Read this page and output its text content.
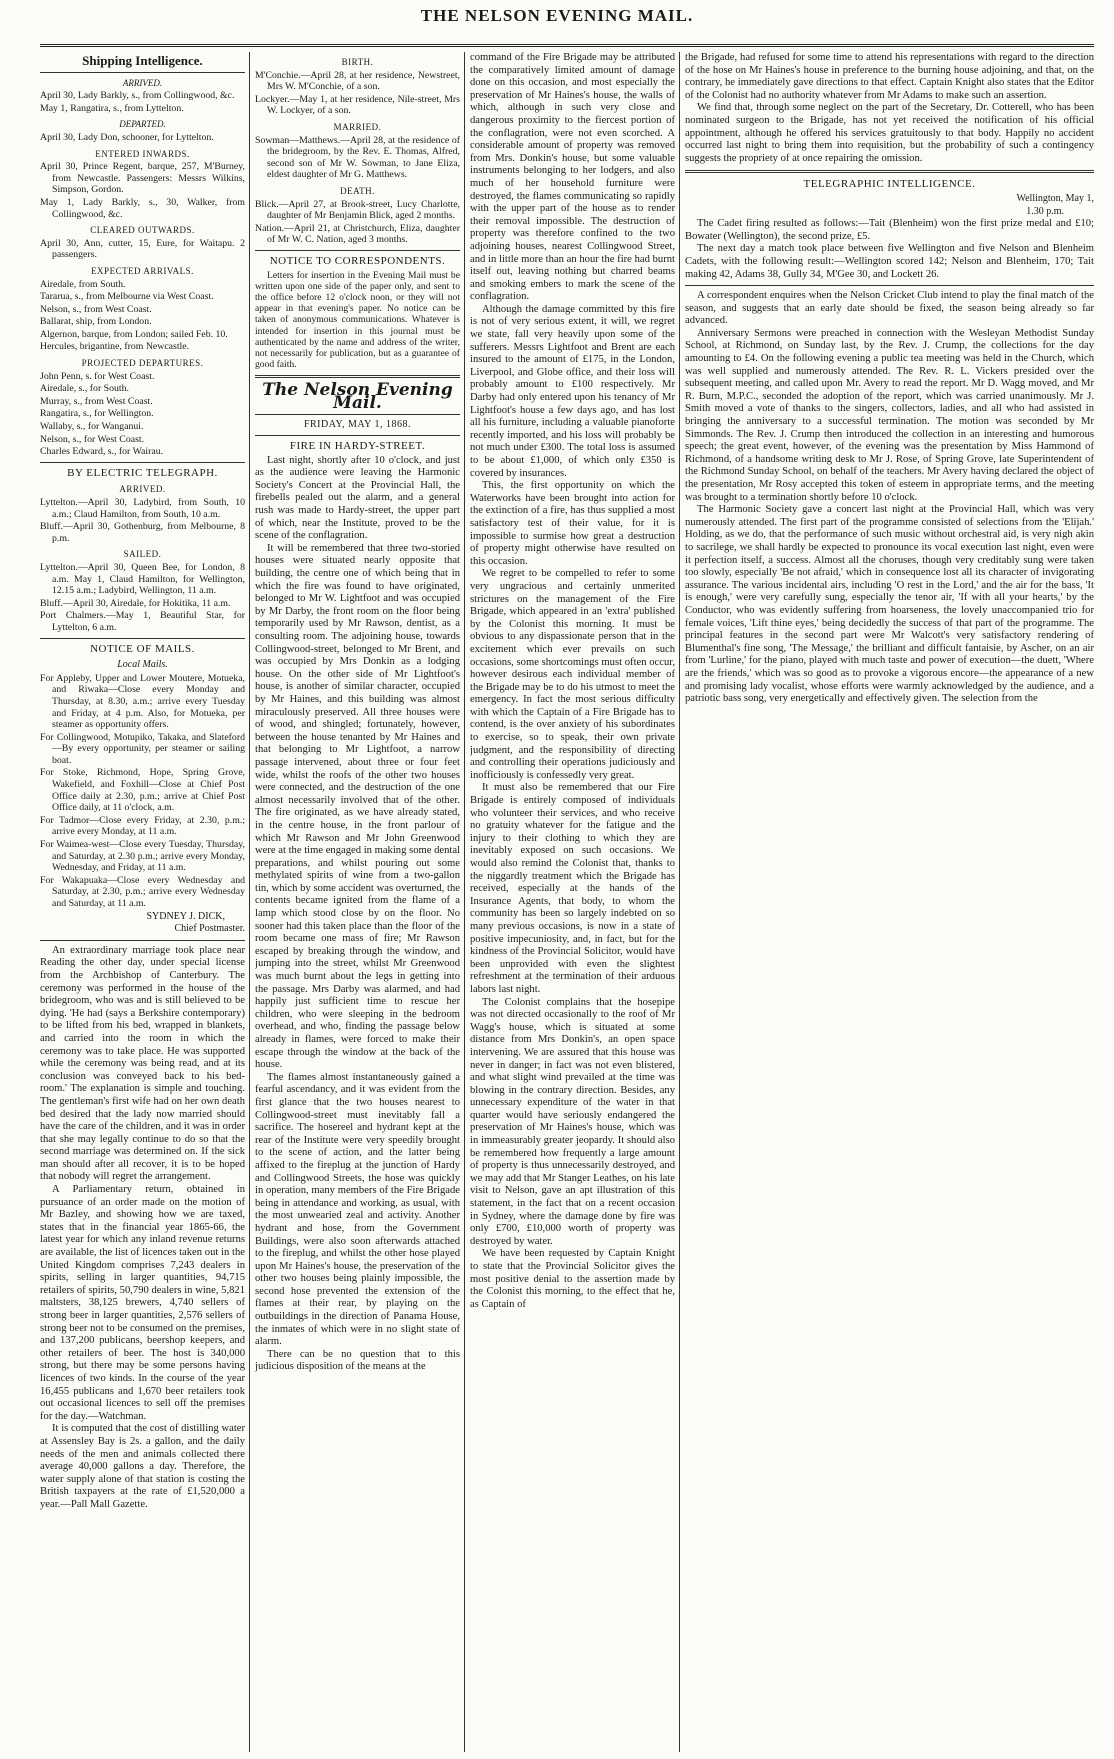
THE NELSON EVENING MAIL.
Shipping Intelligence.
ARRIVED.
April 30, Lady Barkly, s., from Collingwood, &c.
May 1, Rangatira, s., from Lyttelton.
DEPARTED.
April 30, Lady Don, schooner, for Lyttelton.
ENTERED INWARDS.
April 30, Prince Regent, barque, 257, M'Burney, from Newcastle. Passengers: Messrs Wilkins, Simpson, Gordon.
May 1, Lady Barkly, s., 30, Walker, from Collingwood, &c.
CLEARED OUTWARDS.
April 30, Ann, cutter, 15, Eure, for Waitapu. 2 passengers.
EXPECTED ARRIVALS.
Airedale, from South.
Tararua, s., from Melbourne via West Coast.
Nelson, s., from West Coast.
Ballarat, ship, from London.
Algernon, barque, from London; sailed Feb. 10.
Hercules, brigantine, from Newcastle.
PROJECTED DEPARTURES.
John Penn, s. for West Coast.
Airedale, s., for South.
Murray, s., from West Coast.
Rangatira, s., for Wellington.
Wallaby, s., for Wanganui.
Nelson, s., for West Coast.
Charles Edward, s., for Wairau.
BY ELECTRIC TELEGRAPH.
ARRIVED.
Lyttelton.—April 30, Ladybird, from South, 10 a.m.; Claud Hamilton, from South, 10 a.m.
Bluff.—April 30, Gothenburg, from Melbourne, 8 p.m.
SAILED.
Lyttelton.—April 30, Queen Bee, for London, 8 a.m. May 1, Claud Hamilton, for Wellington, 12.15 a.m.; Ladybird, Wellington, 11 a.m.
Bluff.—April 30, Airedale, for Hokitika, 11 a.m.
Port Chalmers.—May 1, Beautiful Star, for Lyttelton, 6 a.m.
NOTICE OF MAILS.
Local Mails.
For Appleby, Upper and Lower Moutere, Motueka, and Riwaka—Close every Monday and Thursday, at 8.30, a.m.; arrive every Tuesday and Friday, at 4 p.m. Also, for Motueka, per steamer as opportunity offers.
For Collingwood, Motupiko, Takaka, and Slateford—By every opportunity, per steamer or sailing boat.
For Stoke, Richmond, Hope, Spring Grove, Wakefield, and Foxhill—Close at Chief Post Office daily at 2.30, p.m.; arrive at Chief Post Office daily, at 11 o'clock, a.m.
For Tadmor—Close every Friday, at 2.30, p.m.; arrive every Monday, at 11 a.m.
For Waimea-west—Close every Tuesday, Thursday, and Saturday, at 2.30 p.m.; arrive every Monday, Wednesday, and Friday, at 11 a.m.
For Wakapuaka—Close every Wednesday and Saturday, at 2.30, p.m.; arrive every Wednesday and Saturday, at 11 a.m.
SYDNEY J. DICK,
Chief Postmaster.

An extraordinary marriage took place near Reading the other day, under special license from the Archbishop of Canterbury. The ceremony was performed in the house of the bridegroom, who was and is still believed to be dying. 'He had (says a Berkshire contemporary) to be lifted from his bed, wrapped in blankets, and carried into the room in which the ceremony was to take place. He was supported while the ceremony was being read, and at its conclusion was conveyed back to his bed-room.' The explanation is simple and touching. The gentleman's first wife had on her own death bed desired that the lady now married should have the care of the children, and it was in order that she may legally continue to do so that the second marriage was determined on. If the sick man should after all recover, it is to be hoped that nobody will regret the arrangement.

A Parliamentary return, obtained in pursuance of an order made on the motion of Mr Bazley, and showing how we are taxed, states that in the financial year 1865-66, the latest year for which any inland revenue returns are available, the list of licences taken out in the United Kingdom comprises 7,243 dealers in spirits, selling in larger quantities, 94,715 retailers of spirits, 50,790 dealers in wine, 5,821 maltsters, 38,125 brewers, 4,740 sellers of strong beer in larger quantities, 2,576 sellers of strong beer not to be consumed on the premises, and 137,200 publicans, beershop keepers, and other retailers of beer. The host is 340,000 strong, but there may be some persons having licences of two kinds. In the course of the year 16,455 publicans and 1,670 beer retailers took out occasional licences to sell off the premises for the day.—Watchman.

It is computed that the cost of distilling water at Assensley Bay is 2s. a gallon, and the daily needs of the men and animals collected there average 40,000 gallons a day. Therefore, the water supply alone of that station is costing the British taxpayers at the rate of £1,520,000 a year.—Pall Mall Gazette.

BIRTH.
M'Conchie.—April 28, at her residence, Newstreet, Mrs W. M'Conchie, of a son.
Lockyer.—May 1, at her residence, Nile-street, Mrs W. Lockyer, of a son.
MARRIED.
Sowman—Matthews.—April 28, at the residence of the bridegroom, by the Rev. E. Thomas, Alfred, second son of Mr W. Sowman, to Jane Eliza, eldest daughter of Mr G. Matthews.
DEATH.
Blick.—April 27, at Brook-street, Lucy Charlotte, daughter of Mr Benjamin Blick, aged 2 months.
Nation.—April 21, at Christchurch, Eliza, daughter of Mr W. C. Nation, aged 3 months.
NOTICE TO CORRESPONDENTS.

Letters for insertion in the Evening Mail must be written upon one side of the paper only, and sent to the office before 12 o'clock noon, or they will not appear in that evening's paper. No notice can be taken of anonymous communications. Whatever is intended for insertion in this journal must be authenticated by the name and address of the writer, not necessarily for publication, but as a guarantee of good faith.

The Nelson Evening Mail.
FRIDAY, MAY 1, 1868.
FIRE IN HARDY-STREET.

Last night, shortly after 10 o'clock, and just as the audience were leaving the Harmonic Society's Concert at the Provincial Hall, the firebells pealed out the alarm, and a general rush was made to Hardy-street, the upper part of which, near the Institute, proved to be the scene of the conflagration.

It will be remembered that three two-storied houses were situated nearly opposite that building, the centre one of which being that in which the fire was found to have originated, belonged to Mr W. Lightfoot and was occupied by Mr Darby, the front room on the floor being temporarily used by Mr Rawson, dentist, as a consulting room. The adjoining house, towards Collingwood-street, belonged to Mr Brent, and was occupied by Mrs Donkin as a lodging house. On the other side of Mr Lightfoot's house, is another of similar character, occupied by Mr Haines, and this building was almost miraculously preserved. All three houses were of wood, and shingled; fortunately, however, between the house tenanted by Mr Haines and that belonging to Mr Lightfoot, a narrow passage intervened, about three or four feet wide, whilst the roofs of the other two houses were connected, and the destruction of the one almost necessarily involved that of the other. The fire originated, as we have already stated, in the centre house, in the front parlour of which Mr Rawson and Mr John Greenwood were at the time engaged in making some dental preparations, and whilst pouring out some methylated spirits of wine from a two-gallon tin, which by some accident was overturned, the contents became ignited from the flame of a lamp which stood close by on the floor. No sooner had this taken place than the floor of the room became one mass of fire; Mr Rawson escaped by breaking through the window, and jumping into the street, whilst Mr Greenwood was much burnt about the legs in getting into the passage. Mrs Darby was alarmed, and had happily just sufficient time to rescue her children, who were sleeping in the bedroom overhead, and who, finding the passage below already in flames, were forced to make their escape through the window at the back of the house.

The flames almost instantaneously gained a fearful ascendancy, and it was evident from the first glance that the two houses nearest to Collingwood-street must inevitably fall a sacrifice. The hosereel and hydrant kept at the rear of the Institute were very speedily brought to the scene of action, and the latter being affixed to the fireplug at the junction of Hardy and Collingwood Streets, the hose was quickly in operation, many members of the Fire Brigade being in attendance and working, as usual, with the most unwearied zeal and activity. Another hydrant and hose, from the Government Buildings, were also soon afterwards attached to the fireplug, and whilst the other hose played upon Mr Haines's house, the preservation of the other two houses being plainly impossible, the second hose prevented the extension of the flames at their rear, by playing on the outbuildings in the direction of Panama House, the inmates of which were in no slight state of alarm.

There can be no question that to this judicious disposition of the means at the

command of the Fire Brigade may be attributed the comparatively limited amount of damage done on this occasion, and most especially the preservation of Mr Haines's house, the walls of which, although in such very close and dangerous proximity to the fiercest portion of the conflagration, were not even scorched. A considerable amount of property was removed from Mrs. Donkin's house, but some valuable instruments belonging to her lodgers, and also much of her household furniture were destroyed, the flames communicating so rapidly with the upper part of the house as to render their removal impossible. The destruction of property was therefore confined to the two adjoining houses, nearest Collingwood Street, and in little more than an hour the fire had burnt itself out, leaving nothing but charred beams and smoking embers to mark the scene of the conflagration.

Although the damage committed by this fire is not of very serious extent, it will, we regret we state, fall very heavily upon some of the sufferers. Messrs Lightfoot and Brent are each insured to the amount of £175, in the London, Liverpool, and Globe office, and their loss will probably amount to £100 respectively. Mr Darby had only entered upon his tenancy of Mr Lightfoot's house a few days ago, and has lost all his furniture, including a valuable pianoforte recently imported, and his loss will probably be not much under £300. The total loss is assumed to be about £1,000, of which only £350 is covered by insurances.

This, the first opportunity on which the Waterworks have been brought into action for the extinction of a fire, has thus supplied a most satisfactory test of their value, for it is impossible to surmise how great a destruction of property might otherwise have resulted on this occasion.

We regret to be compelled to refer to some very ungracious and certainly unmerited strictures on the management of the Fire Brigade, which appeared in an 'extra' published by the Colonist this morning. It must be obvious to any dispassionate person that in the excitement which ever prevails on such occasions, some shortcomings must often occur, however desirous each individual member of the Brigade may be to do his utmost to meet the emergency. In fact the most serious difficulty with which the Captain of a Fire Brigade has to contend, is the over anxiety of his subordinates to exercise, so to speak, their own private judgment, and the responsibility of directing and controlling their operations judiciously and inofficiously is confessedly very great.

It must also be remembered that our Fire Brigade is entirely composed of individuals who volunteer their services, and who receive no gratuity whatever for the fatigue and the injury to their clothing to which they are inevitably exposed on such occasions. We would also remind the Colonist that, thanks to the niggardly treatment which the Brigade has received, especially at the hands of the Insurance Agents, that body, to whom the community has been so largely indebted on so many previous occasions, is now in a state of positive impecuniosity, and, in fact, but for the kindness of the Provincial Solicitor, would have been unprovided with even the slightest refreshment at the termination of their arduous labors last night.

The Colonist complains that the hosepipe was not directed occasionally to the roof of Mr Wagg's house, which is situated at some distance from Mrs Donkin's, an open space intervening. We are assured that this house was never in danger; in fact was not even blistered, and what slight wind prevailed at the time was blowing in the contrary direction. Besides, any unnecessary expenditure of the water in that quarter would have seriously endangered the preservation of Mr Haines's house, which was in immeasurably greater jeopardy. It should also be remembered how frequently a large amount of property is thus unnecessarily destroyed, and we may add that Mr Stanger Leathes, on his late visit to Nelson, gave an apt illustration of this statement, in the fact that on a recent occasion in Sydney, where the damage done by fire was only £700, £10,000 worth of property was destroyed by water.

We have been requested by Captain Knight to state that the Provincial Solicitor gives the most positive denial to the assertion made by the Colonist this morning, to the effect that he, as Captain of

the Brigade, had refused for some time to attend his representations with regard to the direction of the hose on Mr Haines's house in preference to the burning house adjoining, and that, on the contrary, he immediately gave directions to that effect. Captain Knight also states that the Editor of the Colonist had no authority whatever from Mr Adams to make such an assertion.

We find that, through some neglect on the part of the Secretary, Dr. Cotterell, who has been nominated surgeon to the Brigade, has not yet received the notification of his official appointment, although he offered his services gratuitously to that body. Happily no accident occurred last night to bring them into requisition, but the probability of such a contingency suggests the propriety of at once repairing the omission.

TELEGRAPHIC INTELLIGENCE.
Wellington, May 1,
1.30 p.m.

The Cadet firing resulted as follows:—Tait (Blenheim) won the first prize medal and £10; Bowater (Wellington), the second prize, £5.

The next day a match took place between five Wellington and five Nelson and Blenheim Cadets, with the following result:—Wellington scored 142; Nelson and Blenheim, 170; Tait making 42, Adams 38, Gully 34, M'Gee 30, and Lockett 26.

A correspondent enquires when the Nelson Cricket Club intend to play the final match of the season, and suggests that an early date should be fixed, the season being already so far advanced.

Anniversary Sermons were preached in connection with the Wesleyan Methodist Sunday School, at Richmond, on Sunday last, by the Rev. J. Crump, the collections for the day amounting to £4. On the following evening a public tea meeting was held in the Church, which was well supplied and numerously attended. The Rev. R. L. Vickers presided over the subsequent meeting, and called upon Mr. Avery to read the report. Mr D. Wagg moved, and Mr R. Burn, M.P.C., seconded the adoption of the report, which was carried unanimously. Mr J. Smith moved a vote of thanks to the singers, collectors, ladies, and all who had assisted in bringing the anniversary to a successful termination. The motion was seconded by Mr Simmonds. The Rev. J. Crump then introduced the collection in an interesting and humorous speech; the great event, however, of the evening was the presentation by Miss Hammond of Richmond, of a handsome writing desk to Mr J. Rose, of Spring Grove, late Superintendent of the Richmond Sunday School, on behalf of the teachers. Mr Avery having declared the object of the presentation, Mr Rosy accepted this token of esteem in appropriate terms, and the meeting was brought to a termination shortly before 10 o'clock.

The Harmonic Society gave a concert last night at the Provincial Hall, which was very numerously attended. The first part of the programme consisted of selections from the 'Elijah.' Holding, as we do, that the performance of such music without orchestral aid, is very nigh akin to sacrilege, we shall hardly be expected to pronounce its vocal execution last night, even were it perfection itself, a success. Almost all the choruses, though very creditably sung were taken too slowly, especially 'Be not afraid,' which in consequence lost all its character of invigorating assurance. The various incidental airs, including 'O rest in the Lord,' and the air for the bass, 'It is enough,' were very carefully sung, especially the tenor air, 'If with all your hearts,' by the Conductor, who was evidently suffering from hoarseness, the lovely unaccompanied trio for female voices, 'Lift thine eyes,' being decidedly the success of that part of the programme. The principal features in the second part were Mr Walcott's very satisfactory rendering of Blumenthal's fine song, 'The Message,' the brilliant and difficult fantaisie, by Ascher, on an air from 'Lurline,' for the piano, played with much taste and power of execution—the duett, 'Where are the friends,' which was so good as to provoke a vigorous encore—the appearance of a new and promising lady vocalist, whose efforts were warmly acknowledged by the audience, and a patriotic bass song, very energetically and effectively given. The selection from the
